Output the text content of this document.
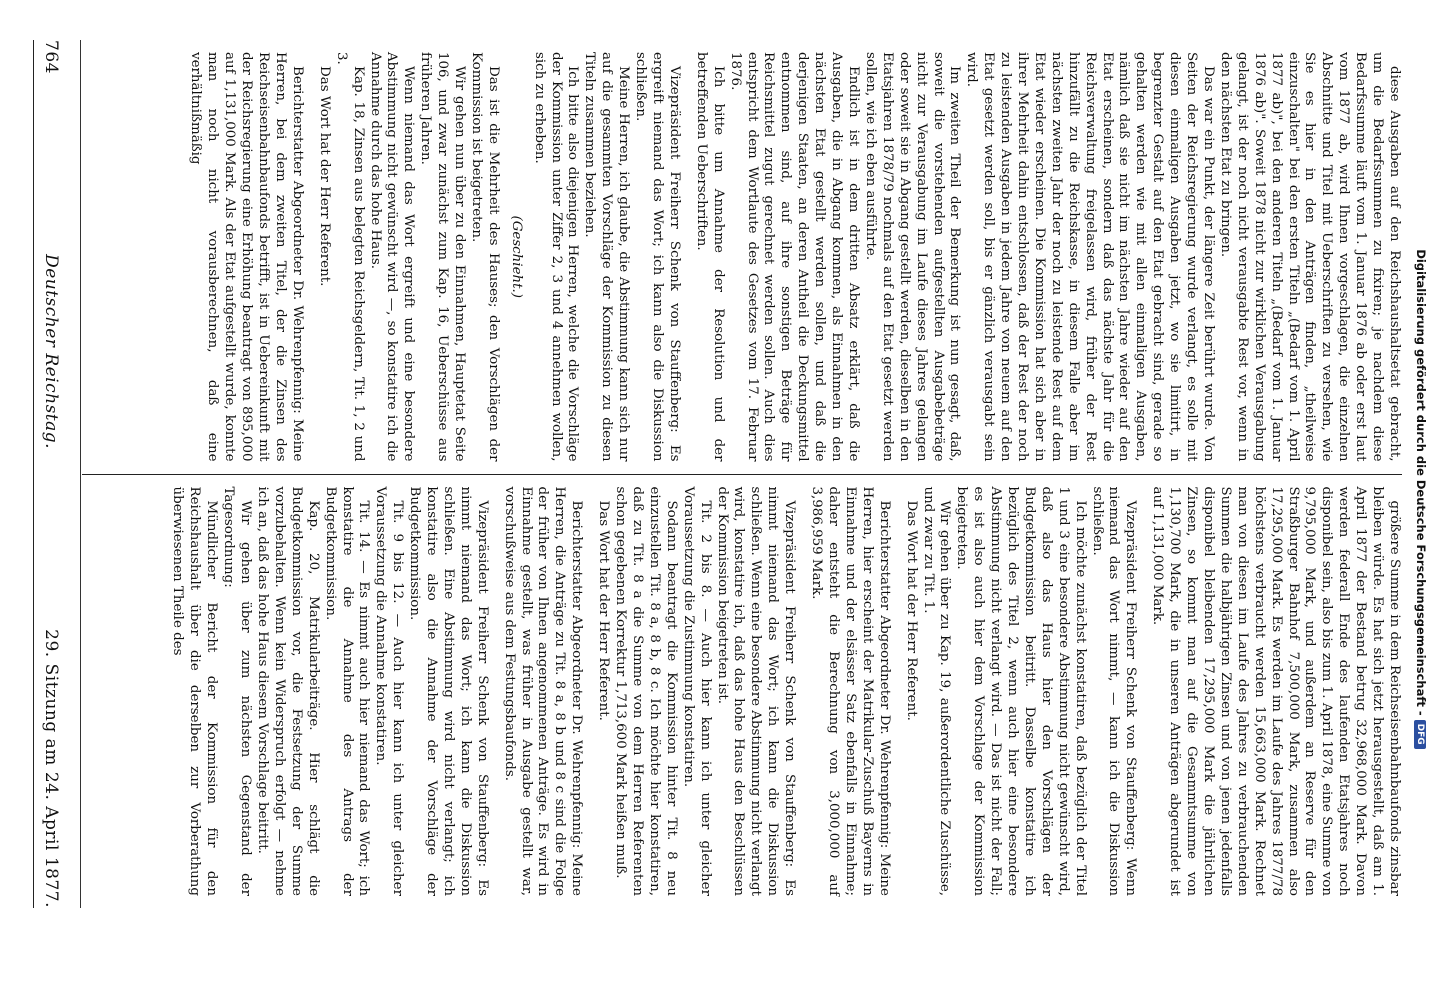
Digitalisierung gefördert durch die Deutsche Forschungsgemeinschaft -DFG

diese Ausgaben auf den Reichshaushaltsetat gebracht, um die Bedarfssummen zu fixiren; je nachdem diese Bedarfssumme läuft vom 1. Januar 1876 ab oder erst laut vom 1877 ab, wird Ihnen vorgeschlagen, die einzelnen Abschnitte und Titel mit Ueberschriften zu versehen, wie Sie es hier in den Anträgen finden, „theilweise einzuschalten" bei den ersten Titeln „(Bedarf vom 1. April 1877 ab)", bei den anderen Titeln „(Bedarf vom 1. Januar 1876 ab)". Soweit 1878 nicht zur wirklichen Verausgabung gelangt, ist der noch nicht verausgabte Rest vor, wenn in den nächsten Etat zu bringen.

Das war ein Punkt, der längere Zeit berührt wurde. Von Seiten der Reichsregierung wurde verlangt, es solle mit diesen einmaligen Ausgaben jetzt, wo sie limitirt, in begrenzter Gestalt auf den Etat gebracht sind, gerade so gehalten werden wie mit allen einmaligen Ausgaben, nämlich daß sie nicht im nächsten Jahre wieder auf den Etat erscheinen, sondern daß das nächste Jahr für die Reichsverwaltung freigelassen wird, früher der Rest hinzufällt zu die Reichskasse, in diesem Falle aber im nächsten zweiten Jahr der noch zu leistende Rest auf dem Etat wieder erscheinen. Die Kommission hat sich aber in ihrer Mehrheit dahin entschlossen, daß der Rest der noch zu leistenden Ausgaben in jedem Jahre von neuem auf den Etat gesetzt werden soll, bis er gänzlich verausgabt sein wird.

Im zweiten Theil der Bemerkung ist nun gesagt, daß, soweit die vorstehenden aufgestellten Ausgabebeträge nicht zur Verausgabung im Laufe dieses Jahres gelangen oder soweit sie in Abgang gestellt werden, dieselben in den Etatsjahren 1878/79 nochmals auf den Etat gesetzt werden sollen, wie ich eben ausführte.

Endlich ist in dem dritten Absatz erklärt, daß die Ausgaben, die in Abgang kommen, als Einnahmen in den nächsten Etat gestellt werden sollen, und daß die derjenigen Staaten, an deren Antheil die Deckungsmittel entnommen sind, auf ihre sonstigen Beträge für Reichsmittel zugut gerechnet werden sollen. Auch dies entspricht dem Wortlaute des Gesetzes vom 17. Februar 1876.

Ich bitte um Annahme der Resolution und der betreffenden Ueberschriften.

Vizepräsident Freiherr Schenk von Stauffenberg: Es ergreift niemand das Wort; ich kann also die Diskussion schließen.

Meine Herren, ich glaube, die Abstimmung kann sich nur auf die gesammten Vorschläge der Kommission zu diesen Titeln zusammen beziehen.

Ich bitte also diejenigen Herren, welche die Vorschläge der Kommission unter Ziffer 2, 3 und 4 annehmen wollen, sich zu erheben.

(Geschieht.)

Das ist die Mehrheit des Hauses; den Vorschlägen der Kommission ist beigetreten.

Wir gehen nun über zu den Einnahmen, Hauptetat Seite 106, und zwar zunächst zum Kap. 16, Ueberschüsse aus früheren Jahren.

Wenn niemand das Wort ergreift und eine besondere Abstimmung nicht gewünscht wird —, so konstatire ich die Annahme durch das hohe Haus.

Kap. 18, Zinsen aus belegten Reichsgeldern, Tit. 1, 2 und 3.

Das Wort hat der Herr Referent.

Berichterstatter Abgeordneter Dr. Wehrenpfennig: Meine Herren, bei dem zweiten Titel, der die Zinsen des Reichseisenbahnbaufonds betrifft, ist in Uebereinkunft mit der Reichsregierung eine Erhöhung beantragt von 895,000 auf 1,131,000 Mark. Als der Etat aufgestellt wurde, konnte man noch nicht vorausberechnen, daß eine verhältnißmäßig

größere Summe in dem Reichseisenbahnbaufonds zinsbar bleiben würde. Es hat sich jetzt herausgestellt, daß am 1. April 1877 der Bestand betrug 32,968,000 Mark. Davon werden federall Ende des laufenden Etatsjahres noch disponibel sein, also bis zum 1. April 1878, eine Summe von 9,795,000 Mark, und außerdem an Reserve für den Straßburger Bahnhof 7,500,000 Mark, zusammen also 17,295,000 Mark. Es werden im Laufe des Jahres 1877/78 höchstens verbraucht werden 15,663,000 Mark. Rechnet man von diesen im Laufe des Jahres zu verbrauchenden Summen die halbjährigen Zinsen und von jenen jedenfalls disponibel bleibenden 17,295,000 Mark die jährlichen Zinsen, so kommt man auf die Gesammtsumme von 1,130,700 Mark, die in unseren Anträgen abgerundet ist auf 1,131,000 Mark.

Vizepräsident Freiherr Schenk von Stauffenberg: Wenn niemand das Wort nimmt, — kann ich die Diskussion schließen.

Ich möchte zunächst konstatiren, daß bezüglich der Titel 1 und 3 eine besondere Abstimmung nicht gewünscht wird, daß also das Haus hier den Vorschlägen der Budgetkommission beitritt. Dasselbe konstatire ich bezüglich des Titel 2, wenn auch hier eine besondere Abstimmung nicht verlangt wird. — Das ist nicht der Fall; es ist also auch hier dem Vorschlage der Kommission beigetreten.

Wir gehen über zu Kap. 19, außerordentliche Zuschüsse, und zwar zu Tit. 1.

Das Wort hat der Herr Referent.

Berichterstatter Abgeordneter Dr. Wehrenpfennig: Meine Herren, hier erscheint der Matrikular-Zuschuß Bayerns in Einnahme und der elsässer Satz ebenfalls in Einnahme; daher entsteht die Berechnung von 3,000,000 auf 3,986,959 Mark.

Vizepräsident Freiherr Schenk von Stauffenberg: Es nimmt niemand das Wort; ich kann die Diskussion schließen. Wenn eine besondere Abstimmung nicht verlangt wird, konstatire ich, daß das hohe Haus den Beschlüssen der Kommission beigetreten ist.

Tit. 2 bis 8. — Auch hier kann ich unter gleicher Voraussetzung die Zustimmung konstatiren.

Sodann beantragt die Kommission hinter Tit. 8 neu einzustellen Tit. 8 a, 8 b, 8 c. Ich möchte hier konstatiren, daß zu Tit. 8 a die Summe von dem Herren Referenten schon gegebenen Korrektur 1,713,600 Mark heißen muß.

Das Wort hat der Herr Referent.

Berichterstatter Abgeordneter Dr. Wehrenpfennig: Meine Herren, die Anträge zu Tit. 8 a, 8 b und 8 c sind die Folge der früher von Ihnen angenommenen Anträge. Es wird in Einnahme gestellt, was früher in Ausgabe gestellt war, vorschußweise aus dem Festungsbaufonds.

Vizepräsident Freiherr Schenk von Stauffenberg: Es nimmt niemand das Wort; ich kann die Diskussion schließen. Eine Abstimmung wird nicht verlangt; ich konstatire also die Annahme der Vorschläge der Budgetkommission.

Tit. 9 bis 12. — Auch hier kann ich unter gleicher Voraussetzung die Annahme konstatiren.

Tit. 14. — Es nimmt auch hier niemand das Wort; ich konstatire die Annahme des Antrags der Budgetkommission.

Kap. 20, Matrikularbeiträge. Hier schlägt die Budgetkommission vor, die Festsetzung der Summe vorzubehalten. Wenn kein Widerspruch erfolgt — nehme ich an, daß das hohe Haus diesem Vorschlage beitritt.

Wir gehen über zum nächsten Gegenstand der Tagesordnung:

Mündlicher Bericht der Kommission für den Reichshaushalt über die derselben zur Vorberathung überwiesenen Theile des

764
Deutscher Reichstag.
29. Sitzung am 24. April 1877.
